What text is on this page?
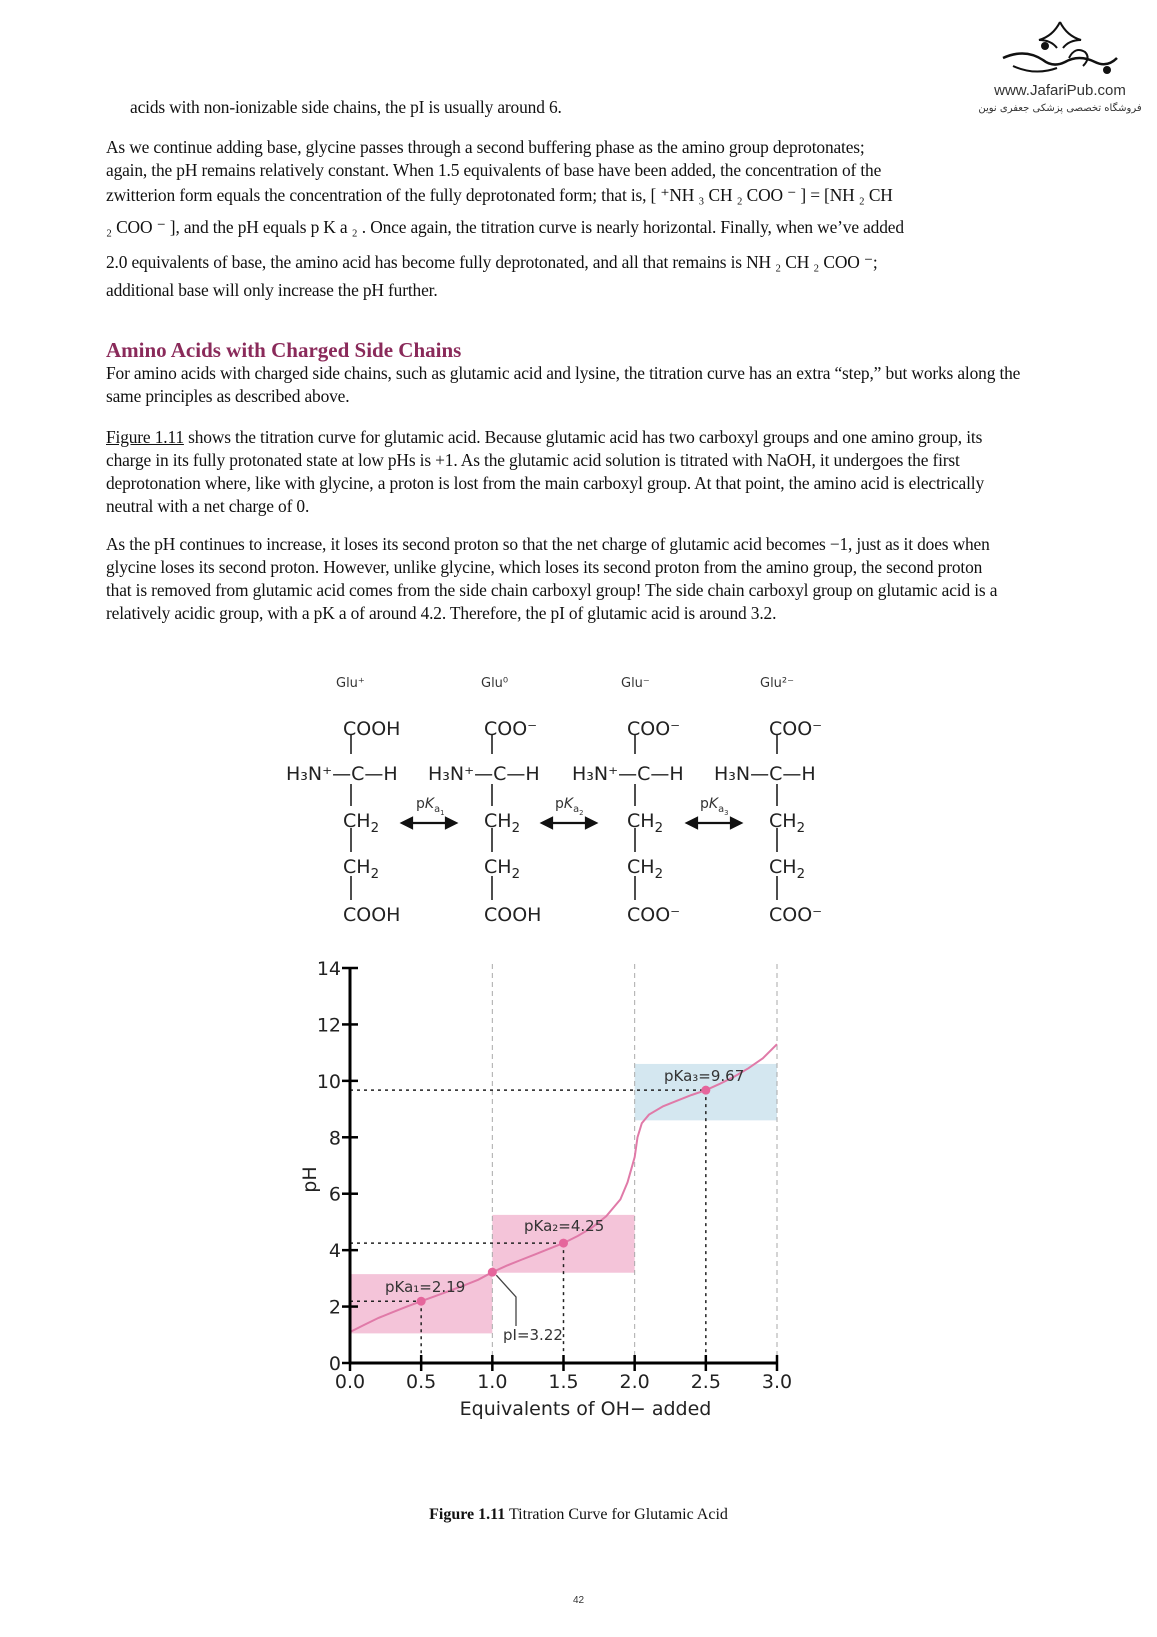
www.JafariPub.com
فروشگاه تخصصی پزشکی جعفری نوین
acids with non-ionizable side chains, the pI is usually around 6.
As we continue adding base, glycine passes through a second buffering phase as the amino group deprotonates;
again, the pH remains relatively constant. When 1.5 equivalents of base have been added, the concentration of the
zwitterion form equals the concentration of the fully deprotonated form; that is, [ ⁺NH ₃ CH ₂ COO ⁻ ] = [NH ₂ CH
₂ COO ⁻ ], and the pH equals p K a ₂ . Once again, the titration curve is nearly horizontal. Finally, when we’ve added
2.0 equivalents of base, the amino acid has become fully deprotonated, and all that remains is NH ₂ CH ₂ COO ⁻;
additional base will only increase the pH further.
Amino Acids with Charged Side Chains
For amino acids with charged side chains, such as glutamic acid and lysine, the titration curve has an extra “step,” but works along the same principles as described above.
Figure 1.11 shows the titration curve for glutamic acid. Because glutamic acid has two carboxyl groups and one amino group, its charge in its fully protonated state at low pHs is +1. As the glutamic acid solution is titrated with NaOH, it undergoes the first deprotonation where, like with glycine, a proton is lost from the main carboxyl group. At that point, the amino acid is electrically neutral with a net charge of 0.
As the pH continues to increase, it loses its second proton so that the net charge of glutamic acid becomes −1, just as it does when glycine loses its second proton. However, unlike glycine, which loses its second proton from the amino group, the second proton that is removed from glutamic acid comes from the side chain carboxyl group! The side chain carboxyl group on glutamic acid is a relatively acidic group, with a pK a of around 4.2. Therefore, the pI of glutamic acid is around 3.2.
Glu⁺	Glu⁰	Glu⁻	Glu²⁻
COOH
H₃N⁺—C—H
$CH_2$
$CH_2$
COOH
COO⁻
H₃N⁺—C—H
$CH_2$
$CH_2$
COOH
COO⁻
H₃N⁺—C—H
$CH_2$
$CH_2$
COO⁻
COO⁻
H₃N—C—H
$CH_2$
$CH_2$
COO⁻
$pK_{a_1}$
$pK_{a_2}$
$pK_{a_3}$
0
2
4
6
8
10
12
14
0.0 0.5 1.0 1.5 2.0 2.5 3.0
Equivalents of OH− added
pH
pKa₁=2.19
pKa₂=4.25
pKa₃=9.67
pI=3.22
Figure 1.11 Titration Curve for Glutamic Acid
42
